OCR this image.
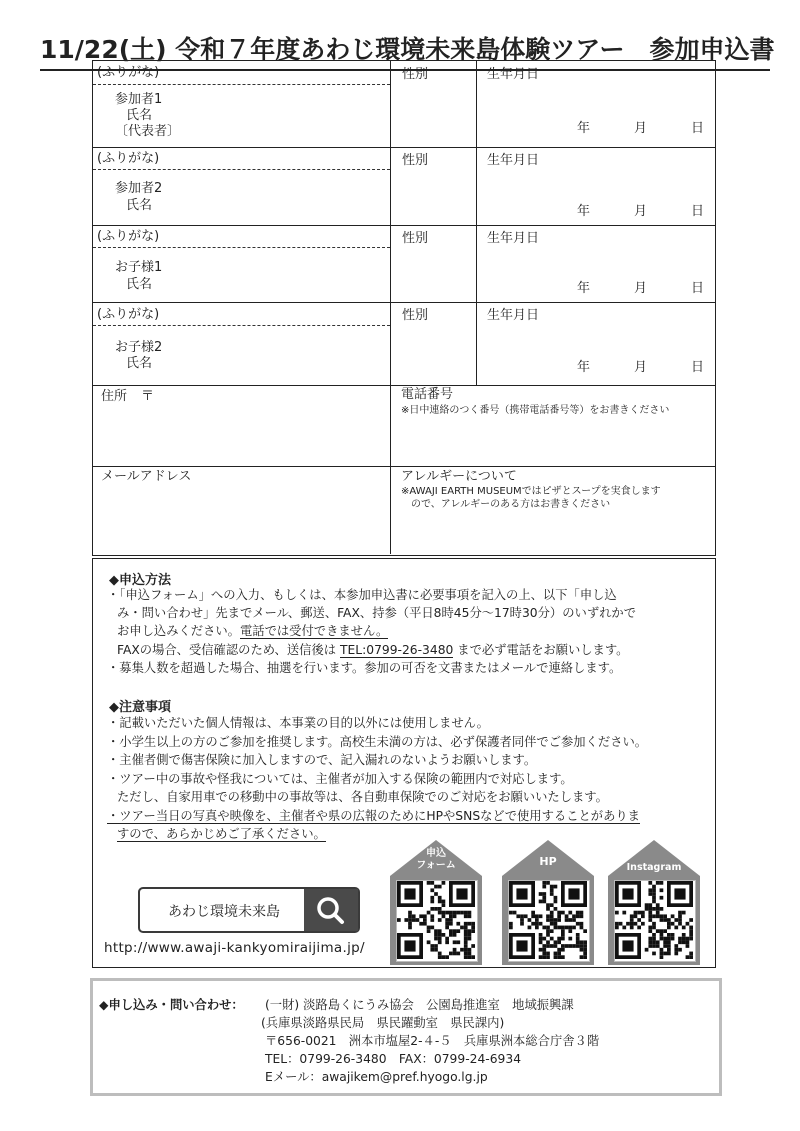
11/22(土) 令和７年度あわじ環境未来島体験ツアー　参加申込書
(ふりがな)
参加者1
氏名
〔代表者〕
性別	生年月日
年	月	日
(ふりがな)
参加者2
氏名
性別	生年月日
年	月	日
(ふりがな)
お子様1
氏名
性別	生年月日
年	月	日
(ふりがな)
お子様2
氏名
性別	生年月日
年	月	日
住所 〒	電話番号
※日中連絡のつく番号（携帯電話番号等）をお書きください
メールアドレス	アレルギーについて
※AWAJI EARTH MUSEUMではピザとスープを実食します
ので、アレルギーのある方はお書きください
◆申込方法
・「申込フォーム」への入力、もしくは、本参加申込書に必要事項を記入の上、以下「申し込
み・問い合わせ」先までメール、郵送、FAX、持参（平日8時45分～17時30分）のいずれかで
お申し込みください。電話では受付できません。
FAXの場合、受信確認のため、送信後は TEL:0799-26-3480 まで必ず電話をお願いします。
・募集人数を超過した場合、抽選を行います。参加の可否を文書またはメールで連絡します。
◆注意事項
・記載いただいた個人情報は、本事業の目的以外には使用しません。
・小学生以上の方のご参加を推奨します。高校生未満の方は、必ず保護者同伴でご参加ください。
・主催者側で傷害保険に加入しますので、記入漏れのないようお願いします。
・ツアー中の事故や怪我については、主催者が加入する保険の範囲内で対応します。
ただし、自家用車での移動中の事故等は、各自動車保険でのご対応をお願いいたします。
・ツアー当日の写真や映像を、主催者や県の広報のためにHPやSNSなどで使用することがありま
すので、あらかじめご了承ください。
あわじ環境未来島
http://www.awaji-kankyomiraijima.jp/
申込
フォーム	HP	Instagram
◆申し込み・問い合わせ： (一財) 淡路島くにうみ協会　公園島推進室　地域振興課
(兵庫県淡路県民局　県民躍動室　県民課内)
〒656-0021　洲本市塩屋2-４-５　兵庫県洲本総合庁舎３階
TEL：0799-26-3480　FAX：0799-24-6934
Eメール：awajikem@pref.hyogo.lg.jp
